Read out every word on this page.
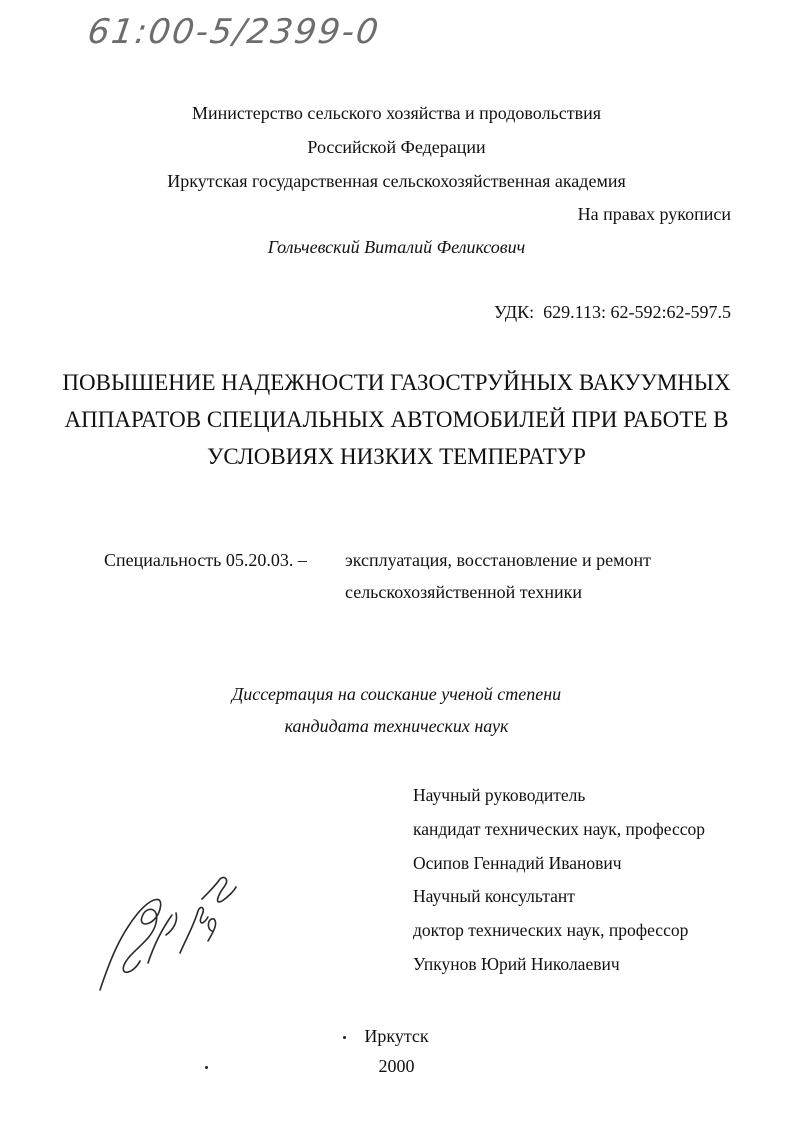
61:00-5/2399-0
Министерство сельского хозяйства и продовольствия
Российской Федерации
Иркутская государственная сельскохозяйственная академия
На правах рукописи
Гольчевский Виталий Феликсович
УДК: 629.113: 62-592:62-597.5
ПОВЫШЕНИЕ НАДЕЖНОСТИ ГАЗОСТРУЙНЫХ ВАКУУМНЫХ
АППАРАТОВ СПЕЦИАЛЬНЫХ АВТОМОБИЛЕЙ ПРИ РАБОТЕ В
УСЛОВИЯХ НИЗКИХ ТЕМПЕРАТУР
Специальность 05.20.03. – эксплуатация, восстановление и ремонт
сельскохозяйственной техники
Диссертация на соискание ученой степени
кандидата технических наук
Научный руководитель
кандидат технических наук, профессор
Осипов Геннадий Иванович
Научный консультант
доктор технических наук, профессор
Упкунов Юрий Николаевич
Иркутск
2000
